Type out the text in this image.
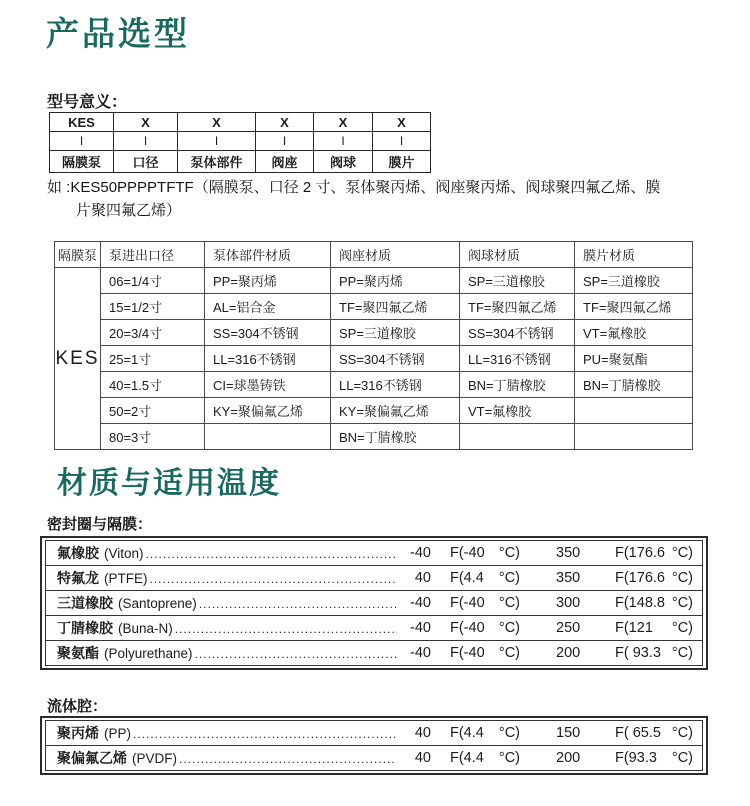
产品选型
型号意义：
KES	X	X	X	X	X
I	I	I	I	I	I
隔膜泵	口径	泵体部件	阀座	阀球	膜片
如 :KES50PPPPTFTF（隔膜泵、口径 2 寸、泵体聚丙烯、阀座聚丙烯、阀球聚四氟乙烯、膜
片聚四氟乙烯）
隔膜泵	泵进出口径	泵体部件材质	阀座材质	阀球材质	膜片材质
KES	06=1/4寸	PP=聚丙烯	PP=聚丙烯	SP=三道橡胶	SP=三道橡胶
	15=1/2寸	AL=铝合金	TF=聚四氟乙烯	TF=聚四氟乙烯	TF=聚四氟乙烯
	20=3/4寸	SS=304不锈钢	SP=三道橡胶	SS=304不锈钢	VT=氟橡胶
	25=1寸	LL=316不锈钢	SS=304不锈钢	LL=316不锈钢	PU=聚氨酯
	40=1.5寸	CI=球墨铸铁	LL=316不锈钢	BN=丁腈橡胶	BN=丁腈橡胶
	50=2寸	KY=聚偏氟乙烯	KY=聚偏氟乙烯	VT=氟橡胶	
	80=3寸		BN=丁腈橡胶		
材质与适用温度
密封圈与隔膜：
氟橡胶 (Viton) .....	-40 F(-40 °C) 350 F(176.6 °C)
特氟龙 (PTFE) .....	40 F(4.4 °C) 350 F(176.6 °C)
三道橡胶 (Santoprene) .....	-40 F(-40 °C) 300 F(148.8 °C)
丁腈橡胶 (Buna-N) .....	-40 F(-40 °C) 250 F(121 °C)
聚氨酯 (Polyurethane) .....	-40 F(-40 °C) 200 F( 93.3 °C)
流体腔：
聚丙烯 (PP) .....	40 F(4.4 °C) 150 F( 65.5 °C)
聚偏氟乙烯 (PVDF) .....	40 F(4.4 °C) 200 F(93.3 °C)
